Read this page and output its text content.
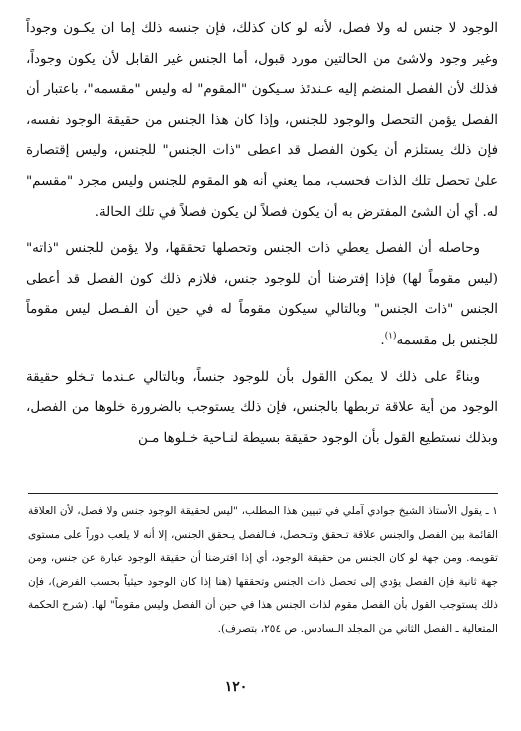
الوجود لا جنس له ولا فصل، لأنه لو كان كذلك، فإن جنسه ذلك إما ان يكـون وجوداً وغير وجود ولاشئ من الحالتين مورد قبول، أما الجنس غير القابل لأن يكون وجوداً، فذلك لأن الفصل المنضم إليه عـندئذ سـيكون "المقوم" له وليس "مقسمه"، باعتبار أن الفصل يؤمن التحصل والوجود للجنس، وإذا كان هذا الجنس من حقيقة الوجود نفسه، فإن ذلك يستلزم أن يكون الفصل قد اعطى "ذات الجنس" للجنس، وليس إقتصارة علىٰ تحصل تلك الذات فحسب، مما يعني أنه هو المقوم للجنس وليس مجرد "مقسم" له. أي أن الشئ المفترض به أن يكون فصلاً لن يكون فصلاً في تلك الحالة.

وحاصله أن الفصل يعطي ذات الجنس وتحصلها تحققها، ولا يؤمن للجنس "ذاته" (ليس مقوماً لها) فإذا إفترضنا أن للوجود جنس، فلازم ذلك كون الفصل قد أعطى الجنس "ذات الجنس" وبالتالي سيكون مقوماً له في حين أن الفـصل ليس مقوماً للجنس بل مقسمه$^{(١)}$.

وبناءً على ذلك لا يمكن االقول بأن للوجود جنساً، وبالتالي عـندما تـخلو حقيقة الوجود من أية علاقة تربطها بالجنس، فإن ذلك يستوجب بالضرورة خلوها من الفصل، وبذلك نستطيع القول بأن الوجود حقيقة بسيطة لنـاحية خـلوها مـن

١ ـ يقول الأستاذ الشيخ جوادي آملي في تبيين هذا المطلب، "ليس لحقيقة الوجود جنس ولا فصل، لأن العلاقة القائمة بين الفصل والجنس علاقة تـحقق وتـحصل، فـالفصل يـحقق الجنس، إلا أنه لا يلعب دوراً على مستوى تقويمه. ومن جهة لو كان الجنس من حقيقة الوجود، أي إذا افترضنا أن حقيقة الوجود عبارة عن جنس، ومن جهة ثانية فإن الفصل يؤدي إلى تحصل ذات الجنس وتحققها (هنا إذا كان الوجود حيثياً بحسب الفرض)، فإن ذلك يستوجب القول بأن الفصل مقوم لذات الجنس هذا في حين أن الفصل وليس مقوماً" لها. (شرح الحكمة المتعالية ـ الفصل الثاني من المجلد الـسادس. ص ٢٥٤، بتصرف).

١٢٠
